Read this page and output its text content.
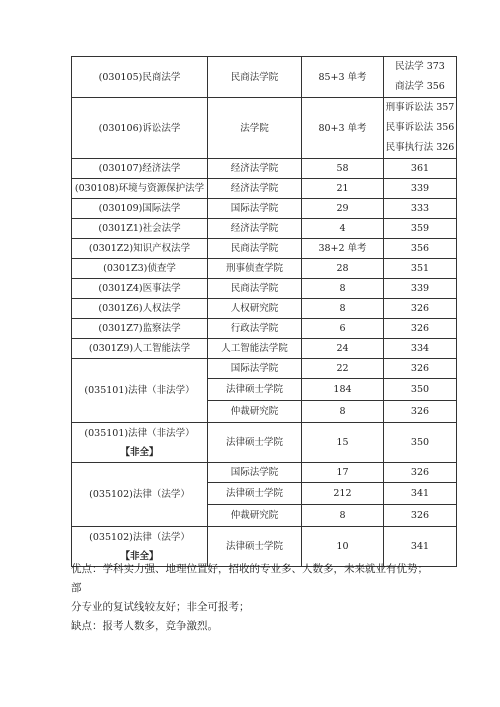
(030105)民商法学	民商法学院	85+3 单考	民法学 373
商法学 356

(030106)诉讼法学	法学院	80+3 单考	刑事诉讼法 357
民事诉讼法 356
民事执行法 326

(030107)经济法学	经济法学院	58	361

(030108)环境与资源保护法学	经济法学院	21	339

(030109)国际法学	国际法学院	29	333

(0301Z1)社会法学	经济法学院	4	359

(0301Z2)知识产权法学	民商法学院	38+2 单考	356

(0301Z3)侦查学	刑事侦查学院	28	351

(0301Z4)医事法学	民商法学院	8	339

(0301Z6)人权法学	人权研究院	8	326

(0301Z7)监察法学	行政法学院	6	326

(0301Z9)人工智能法学	人工智能法学院	24	334

(035101)法律（非法学）	国际法学院	22	326

	法律硕士学院	184	350

	仲裁研究院	8	326

(035101)法律（非法学）
【非全】	法律硕士学院	15	350

(035102)法律（法学）	国际法学院	17	326

	法律硕士学院	212	341

	仲裁研究院	8	326

(035102)法律（法学）
【非全】	法律硕士学院	10	341

优点：学科实力强、地理位置好，招收的专业多、人数多，未来就业有优势；部

分专业的复试线较友好；非全可报考；

缺点：报考人数多，竞争激烈。
